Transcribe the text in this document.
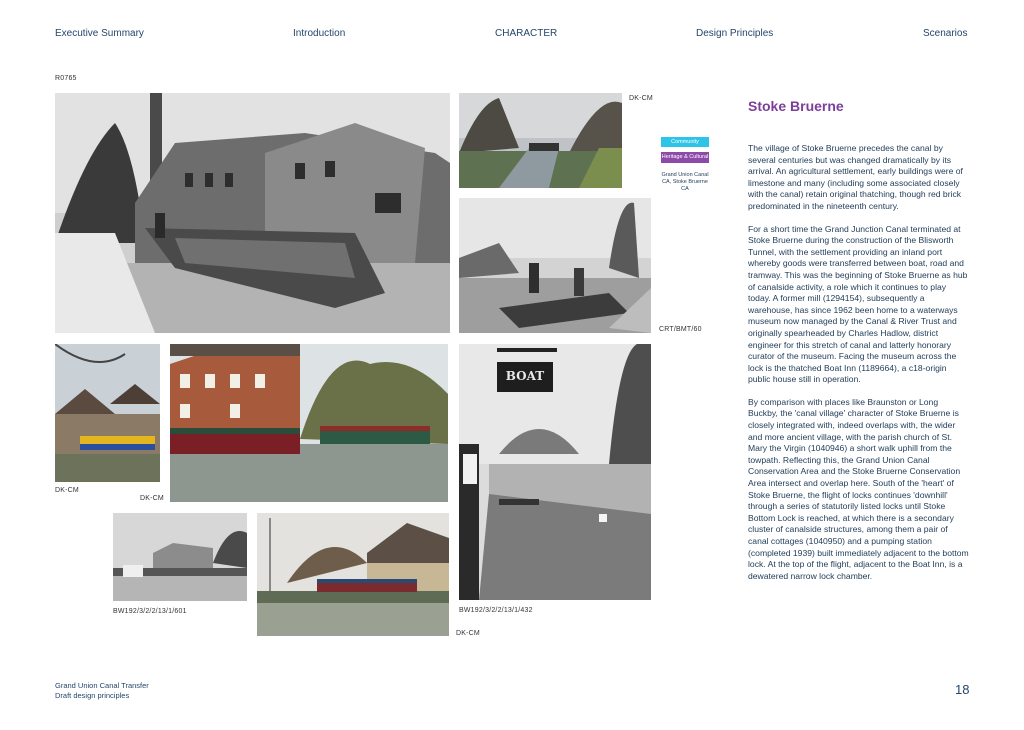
Executive Summary	Introduction	CHARACTER	Design Principles	Scenarios
R0765
DK-CM
Community
Heritage & Cultural
Grand Union Canal CA, Stoke Bruerne CA
CRT/BMT/60
DK-CM
DK-CM
BOAT
BW192/3/2/2/13/1/601	BW192/3/2/2/13/1/432
DK-CM
Stoke Bruerne

The village of Stoke Bruerne precedes the canal by several centuries but was changed dramatically by its arrival. An agricultural settlement, early buildings were of limestone and many (including some associated closely with the canal) retain original thatching, though red brick predominated in the nineteenth century.

For a short time the Grand Junction Canal terminated at Stoke Bruerne during the construction of the Blisworth Tunnel, with the settlement providing an inland port whereby goods were transferred between boat, road and tramway. This was the beginning of Stoke Bruerne as hub of canalside activity, a role which it continues to play today. A former mill (1294154), subsequently a warehouse, has since 1962 been home to a waterways museum now managed by the Canal & River Trust and originally spearheaded by Charles Hadlow, district engineer for this stretch of canal and latterly honorary curator of the museum. Facing the museum across the lock is the thatched Boat Inn (1189664), a c18-origin public house still in operation.

By comparison with places like Braunston or Long Buckby, the 'canal village' character of Stoke Bruerne is closely integrated with, indeed overlaps with, the wider and more ancient village, with the parish church of St. Mary the Virgin (1040946) a short walk uphill from the towpath. Reflecting this, the Grand Union Canal Conservation Area and the Stoke Bruerne Conservation Area intersect and overlap here. South of the 'heart' of Stoke Bruerne, the flight of locks continues 'downhill' through a series of statutorily listed locks until Stoke Bottom Lock is reached, at which there is a secondary cluster of canalside structures, among them a pair of canal cottages (1040950) and a pumping station (completed 1939) built immediately adjacent to the bottom lock. At the top of the flight, adjacent to the Boat Inn, is a dewatered narrow lock chamber.

Grand Union Canal Transfer
Draft design principles	18
